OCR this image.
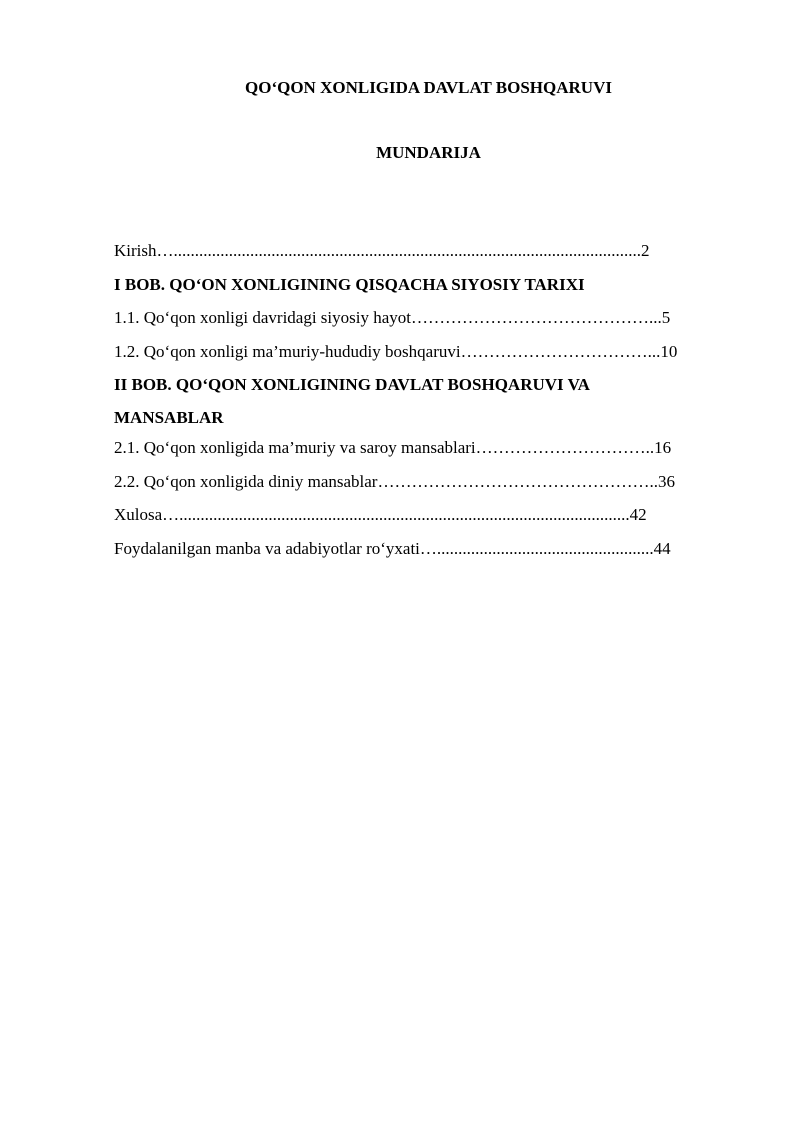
QO‘QON XONLIGIDA DAVLAT BOSHQARUVI
MUNDARIJA
Kirish…..............................................................................................................2
I BOB. QO‘ON XONLIGINING QISQACHA SIYOSIY TARIXI
1.1. Qo‘qon xonligi davridagi siyosiy hayot……………………………………...5
1.2. Qo‘qon xonligi ma’muriy-hududiy boshqaruvi……………………………...10
II BOB. QO‘QON XONLIGINING DAVLAT BOSHQARUVI VA MANSABLAR
2.1. Qo‘qon xonligida ma’muriy va saroy mansablari…………………………..16
2.2. Qo‘qon xonligida diniy mansablar…………………………………………..36
Xulosa…..........................................................................................................42
Foydalanilgan manba va adabiyotlar ro‘yxati…...................................................44
